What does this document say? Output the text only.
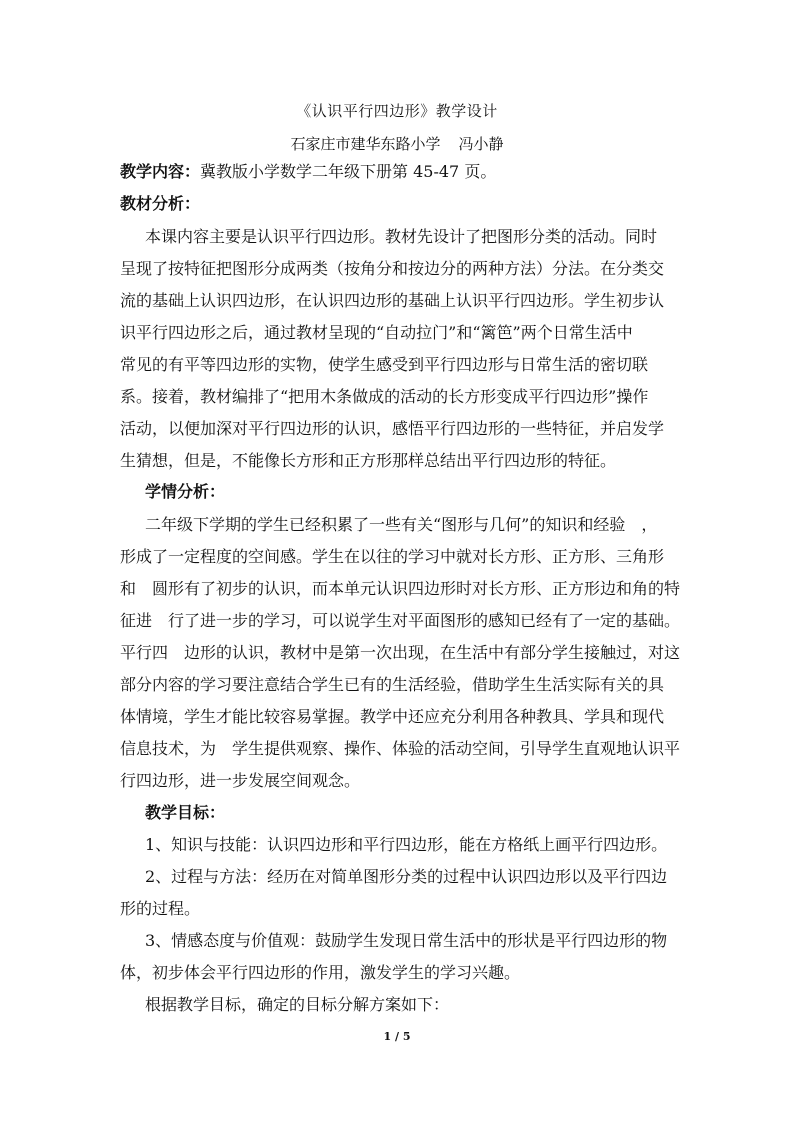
《认识平行四边形》教学设计
石家庄市建华东路小学 冯小静
教学内容：冀教版小学数学二年级下册第 45-47 页。
教材分析：
本课内容主要是认识平行四边形。教材先设计了把图形分类的活动。同时
呈现了按特征把图形分成两类（按角分和按边分的两种方法）分法。在分类交
流的基础上认识四边形，在认识四边形的基础上认识平行四边形。学生初步认
识平行四边形之后，通过教材呈现的“自动拉门”和“篱笆”两个日常生活中
常见的有平等四边形的实物，使学生感受到平行四边形与日常生活的密切联
系。接着，教材编排了“把用木条做成的活动的长方形变成平行四边形”操作
活动，以便加深对平行四边形的认识，感悟平行四边形的一些特征，并启发学
生猜想，但是，不能像长方形和正方形那样总结出平行四边形的特征。
学情分析：
二年级下学期的学生已经积累了一些有关“图形与几何”的知识和经验　，
形成了一定程度的空间感。学生在以往的学习中就对长方形、正方形、三角形
和　圆形有了初步的认识，而本单元认识四边形时对长方形、正方形边和角的特
征进　行了进一步的学习，可以说学生对平面图形的感知已经有了一定的基础。
平行四　边形的认识，教材中是第一次出现，在生活中有部分学生接触过，对这
部分内容的学习要注意结合学生已有的生活经验，借助学生生活实际有关的具
体情境，学生才能比较容易掌握。教学中还应充分利用各种教具、学具和现代
信息技术，为　学生提供观察、操作、体验的活动空间，引导学生直观地认识平
行四边形，进一步发展空间观念。
教学目标：
1、知识与技能：认识四边形和平行四边形，能在方格纸上画平行四边形。
2、过程与方法：经历在对简单图形分类的过程中认识四边形以及平行四边
形的过程。
3、情感态度与价值观：鼓励学生发现日常生活中的形状是平行四边形的物
体，初步体会平行四边形的作用，激发学生的学习兴趣。
根据教学目标，确定的目标分解方案如下：
1 / 5
